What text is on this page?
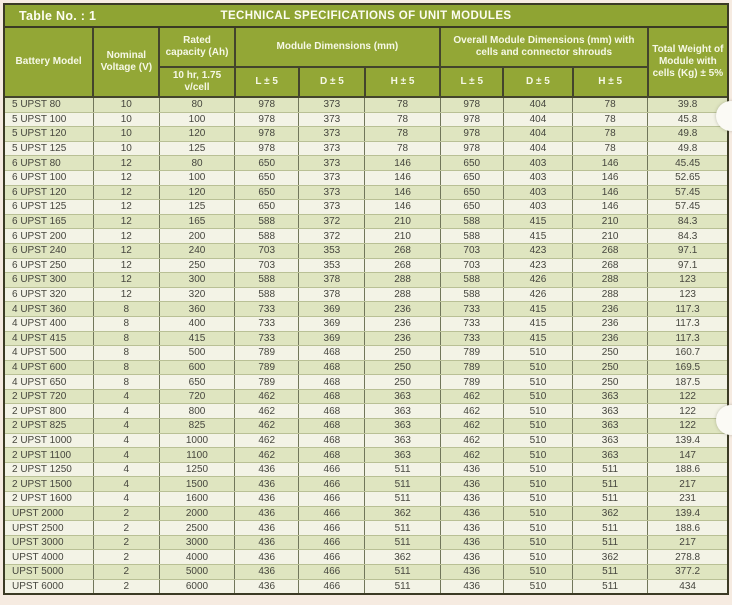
Table No. : 1	TECHNICAL SPECIFICATIONS OF UNIT MODULES
Battery Model	Nominal Voltage (V)	Rated capacity (Ah)	Module Dimensions (mm)			Overall Module Dimensions (mm) with cells and connector shrouds			Total Weight of Module with cells (Kg) ± 5%
		10 hr, 1.75 v/cell	L ± 5	D ± 5	H ± 5	L ± 5	D ± 5	H ± 5	
5 UPST 80	10	80	978	373	78	978	404	78	39.8
5 UPST 100	10	100	978	373	78	978	404	78	45.8
5 UPST 120	10	120	978	373	78	978	404	78	49.8
5 UPST 125	10	125	978	373	78	978	404	78	49.8
6 UPST 80	12	80	650	373	146	650	403	146	45.45
6 UPST 100	12	100	650	373	146	650	403	146	52.65
6 UPST 120	12	120	650	373	146	650	403	146	57.45
6 UPST 125	12	125	650	373	146	650	403	146	57.45
6 UPST 165	12	165	588	372	210	588	415	210	84.3
6 UPST 200	12	200	588	372	210	588	415	210	84.3
6 UPST 240	12	240	703	353	268	703	423	268	97.1
6 UPST 250	12	250	703	353	268	703	423	268	97.1
6 UPST 300	12	300	588	378	288	588	426	288	123
6 UPST 320	12	320	588	378	288	588	426	288	123
4 UPST 360	8	360	733	369	236	733	415	236	117.3
4 UPST 400	8	400	733	369	236	733	415	236	117.3
4 UPST 415	8	415	733	369	236	733	415	236	117.3
4 UPST 500	8	500	789	468	250	789	510	250	160.7
4 UPST 600	8	600	789	468	250	789	510	250	169.5
4 UPST 650	8	650	789	468	250	789	510	250	187.5
2 UPST 720	4	720	462	468	363	462	510	363	122
2 UPST 800	4	800	462	468	363	462	510	363	122
2 UPST 825	4	825	462	468	363	462	510	363	122
2 UPST 1000	4	1000	462	468	363	462	510	363	139.4
2 UPST 1100	4	1100	462	468	363	462	510	363	147
2 UPST 1250	4	1250	436	466	511	436	510	511	188.6
2 UPST 1500	4	1500	436	466	511	436	510	511	217
2 UPST 1600	4	1600	436	466	511	436	510	511	231
UPST 2000	2	2000	436	466	362	436	510	362	139.4
UPST 2500	2	2500	436	466	511	436	510	511	188.6
UPST 3000	2	3000	436	466	511	436	510	511	217
UPST 4000	2	4000	436	466	362	436	510	362	278.8
UPST 5000	2	5000	436	466	511	436	510	511	377.2
UPST 6000	2	6000	436	466	511	436	510	511	434
